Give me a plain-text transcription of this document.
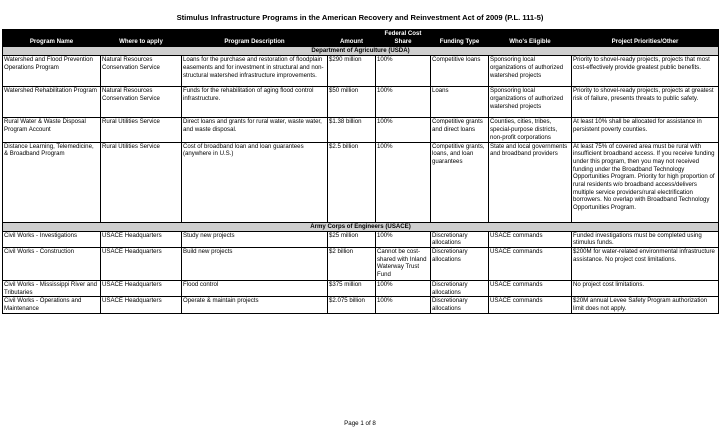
Stimulus Infrastructure Programs in the American Recovery and Reinvestment Act of 2009 (P.L. 111-5)
Program Name	Where to apply	Program Description	Amount	Federal Cost Share	Funding Type	Who's Eligible	Project Priorities/Other
Department of Agriculture (USDA)							
Watershed and Flood Prevention Operations Program	Natural Resources Conservation Service	Loans for the purchase and restoration of floodplain easements and for investment in structural and non-structural watershed infrastructure improvements.	$290 million	100%	Competitive loans	Sponsoring local organizations of authorized watershed projects	Priority to shovel-ready projects, projects that most cost-effectively provide greatest public benefits.
Watershed Rehabilitation Program	Natural Resources Conservation Service	Funds for the rehabilitation of aging flood control infrastructure.	$50 million	100%	Loans	Sponsoring local organizations of authorized watershed projects	Priority to shovel-ready projects, projects at greatest risk of failure, presents threats to public safety.
Rural Water & Waste Disposal Program Account	Rural Utilities Service	Direct loans and grants for rural water, waste water, and waste disposal.	$1.38 billion	100%	Competitive grants and direct loans	Counties, cities, tribes, special-purpose districts, non-profit corporations	At least 10% shall be allocated for assistance in persistent poverty counties.
Distance Learning, Telemedicine, & Broadband Program	Rural Utilities Service	Cost of broadband loan and loan guarantees (anywhere in U.S.)	$2.5 billion	100%	Competitive grants, loans, and loan guarantees	State and local governments and broadband providers	At least 75% of covered area must be rural with insufficient broadband access. If you receive funding under this program, then you may not received funding under the Broadband Technology Opportunities Program. Priority for high proportion of rural residents w/o broadband access/delivers multiple service providers/rural electrification borrowers. No overlap with Broadband Technology Opportunities Program.
Army Corps of Engineers (USACE)							
Civil Works - Investigations	USACE Headquarters	Study new projects	$25 million	100%	Discretionary allocations	USACE commands	Funded investigations must be completed using stimulus funds.
Civil Works - Construction	USACE Headquarters	Build new projects	$2 billion	Cannot be cost-shared with Inland Waterway Trust Fund	Discretionary allocations	USACE commands	$200M for water-related environmental infrastructure assistance. No project cost limitations.
Civil Works - Mississippi River and Tributaries	USACE Headquarters	Flood control	$375 million	100%	Discretionary allocations	USACE commands	No project cost limitations.
Civil Works - Operations and Maintenance	USACE Headquarters	Operate & maintain projects	$2.075 billion	100%	Discretionary allocations	USACE commands	$20M annual Levee Safety Program authorization limit does not apply.
Page 1 of 8
